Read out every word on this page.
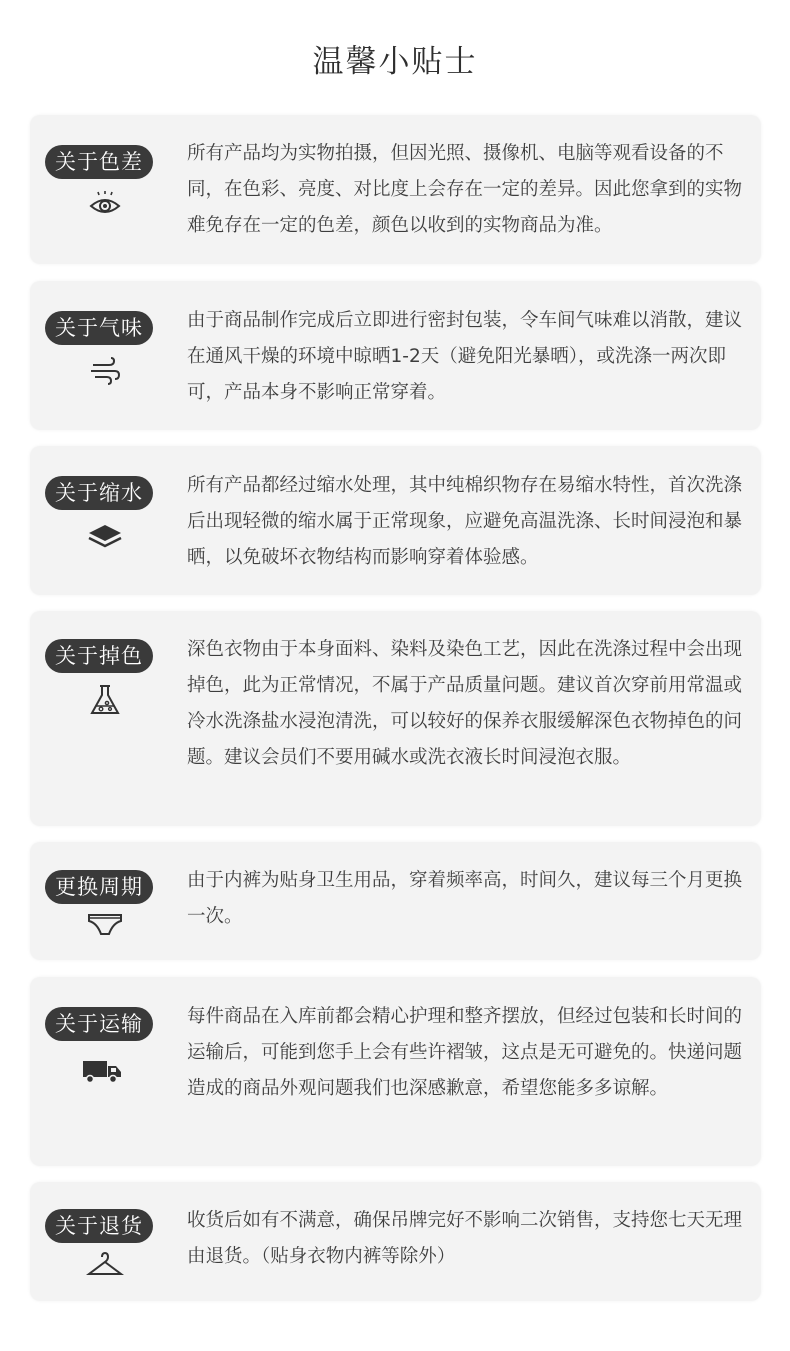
温馨小贴士
关于色差	所有产品均为实物拍摄，但因光照、摄像机、电脑等观看设备的不同，在色彩、亮度、对比度上会存在一定的差异。因此您拿到的实物难免存在一定的色差，颜色以收到的实物商品为准。
关于气味	由于商品制作完成后立即进行密封包装，令车间气味难以消散，建议在通风干燥的环境中晾晒1-2天（避免阳光暴晒），或洗涤一两次即可，产品本身不影响正常穿着。
关于缩水	所有产品都经过缩水处理，其中纯棉织物存在易缩水特性，首次洗涤后出现轻微的缩水属于正常现象，应避免高温洗涤、长时间浸泡和暴晒，以免破坏衣物结构而影响穿着体验感。
关于掉色	深色衣物由于本身面料、染料及染色工艺，因此在洗涤过程中会出现掉色，此为正常情况，不属于产品质量问题。建议首次穿前用常温或冷水洗涤盐水浸泡清洗，可以较好的保养衣服缓解深色衣物掉色的问题。建议会员们不要用碱水或洗衣液长时间浸泡衣服。
更换周期	由于内裤为贴身卫生用品，穿着频率高，时间久，建议每三个月更换一次。
关于运输	每件商品在入库前都会精心护理和整齐摆放，但经过包装和长时间的运输后，可能到您手上会有些许褶皱，这点是无可避免的。快递问题造成的商品外观问题我们也深感歉意，希望您能多多谅解。
关于退货	收货后如有不满意，确保吊牌完好不影响二次销售，支持您七天无理由退货。（贴身衣物内裤等除外）
